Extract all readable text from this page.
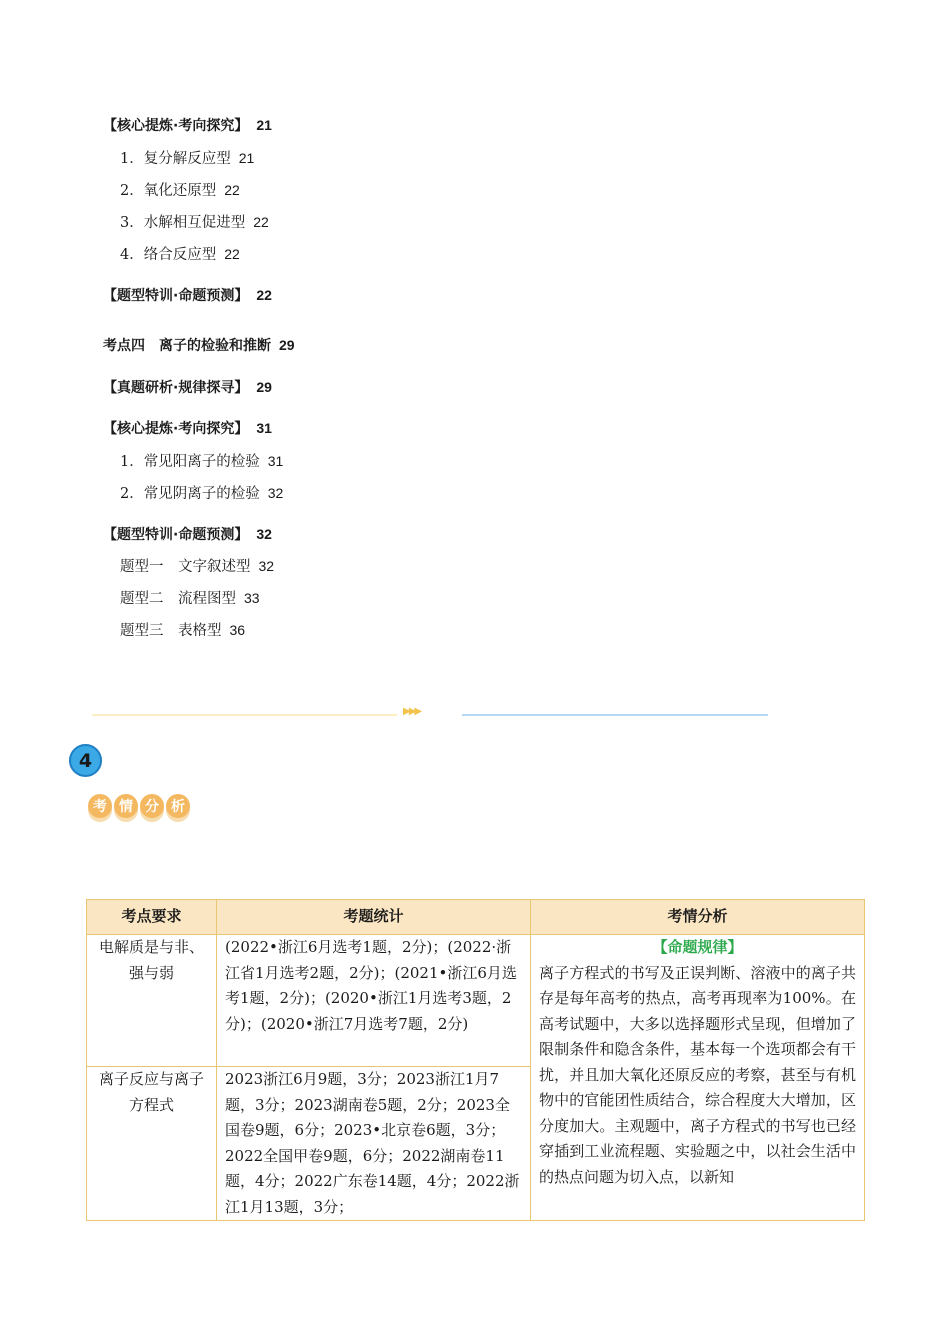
【核心提炼·考向探究】 21
1．复分解反应型 21
2．氧化还原型 22
3．水解相互促进型 22
4．络合反应型 22
【题型特训·命题预测】 22
考点四　离子的检验和推断 29
【真题研析·规律探寻】 29
【核心提炼·考向探究】 31
1．常见阳离子的检验 31
2．常见阴离子的检验 32
【题型特训·命题预测】 32
题型一　文字叙述型 32
题型二　流程图型 33
题型三　表格型 36
▶▶▶
4
考 情 分 析
考点要求	考题统计	考情分析
电解质是与非、强与弱	(2022•浙江6月选考1题，2分)；(2022·浙江省1月选考2题，2分)；(2021•浙江6月选考1题，2分)；(2020•浙江1月选考3题，2分)；(2020•浙江7月选考7题，2分)	【命题规律】
离子方程式的书写及正误判断、溶液中的离子共存是每年高考的热点，高考再现率为100%。在高考试题中，大多以选择题形式呈现，但增加了限制条件和隐含条件，基本每一个选项都会有干扰，并且加大氧化还原反应的考察，甚至与有机物中的官能团性质结合，综合程度大大增加，区分度加大。主观题中，离子方程式的书写也已经穿插到工业流程题、实验题之中，以社会生活中的热点问题为切入点，以新知

离子反应与离子方程式	2023浙江6月9题，3分；2023浙江1月7题，3分；2023湖南卷5题，2分；2023全国卷9题，6分；2023•北京卷6题，3分；2022全国甲卷9题，6分；2022湖南卷11题，4分；2022广东卷14题，4分；2022浙江1月13题，3分；	
